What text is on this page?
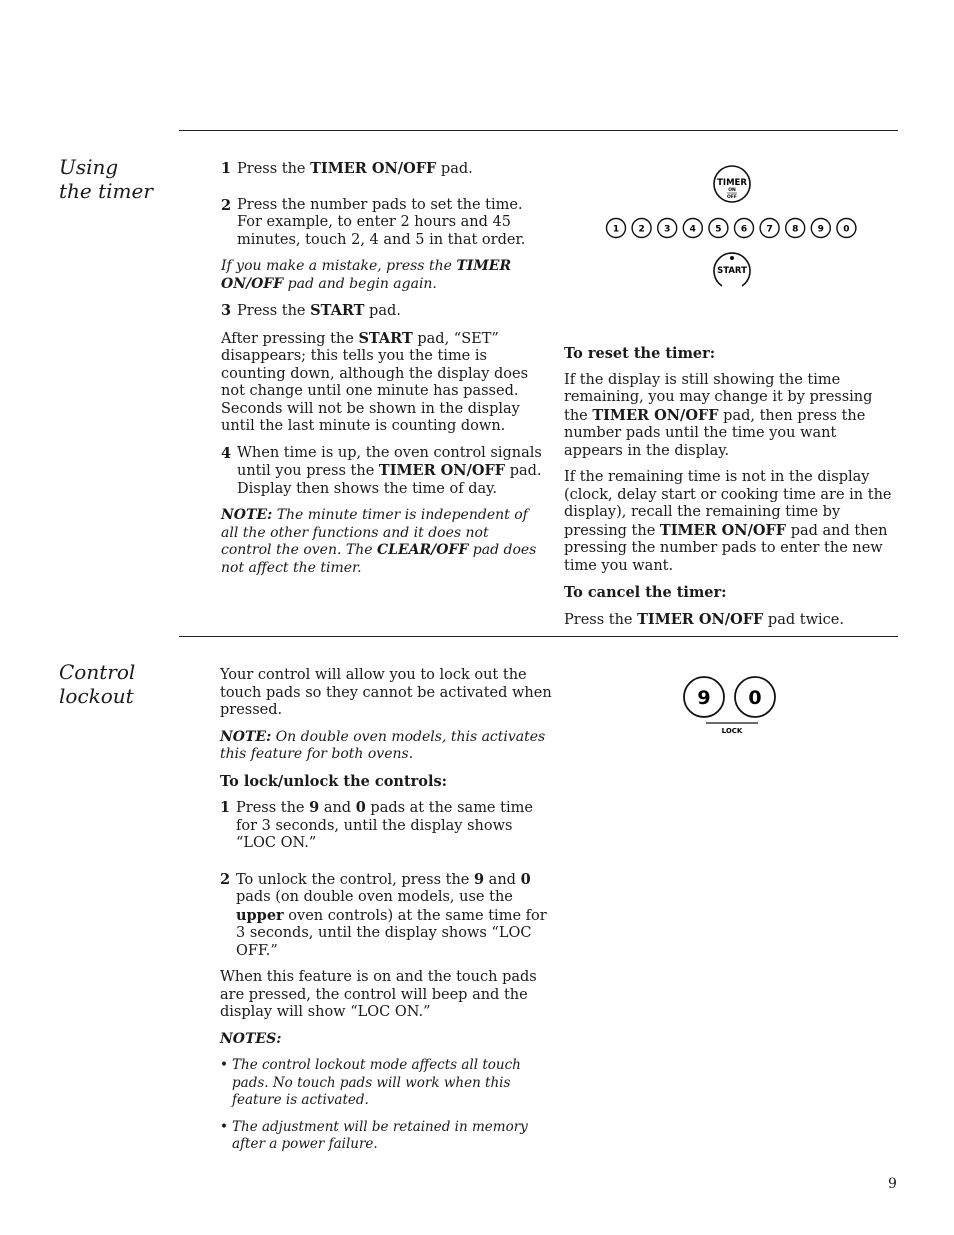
Using
the timer
1 Press the TIMER ON/OFF pad.
2 Press the number pads to set the time. For example, to enter 2 hours and 45 minutes, touch 2, 4 and 5 in that order.

If you make a mistake, press the TIMER ON/OFF pad and begin again.

3 Press the START pad.

After pressing the START pad, “SET” disappears; this tells you the time is counting down, although the display does not change until one minute has passed. Seconds will not be shown in the display until the last minute is counting down.

4 When time is up, the oven control signals until you press the TIMER ON/OFF pad. Display then shows the time of day.

NOTE: The minute timer is independent of all the other functions and it does not control the oven. The CLEAR/OFF pad does not affect the timer.

TIMER
ON
OFF
1 2 3 4 5 6 7 8 9 0
START

To reset the timer:

If the display is still showing the time remaining, you may change it by pressing the TIMER ON/OFF pad, then press the number pads until the time you want appears in the display.

If the remaining time is not in the display (clock, delay start or cooking time are in the display), recall the remaining time by pressing the TIMER ON/OFF pad and then pressing the number pads to enter the new time you want.

To cancel the timer:

Press the TIMER ON/OFF pad twice.

Control
lockout

Your control will allow you to lock out the touch pads so they cannot be activated when pressed.

NOTE: On double oven models, this activates this feature for both ovens.

To lock/unlock the controls:

1 Press the 9 and 0 pads at the same time for 3 seconds, until the display shows “LOC ON.”
2 To unlock the control, press the 9 and 0 pads (on double oven models, use the upper oven controls) at the same time for 3 seconds, until the display shows “LOC OFF.”

When this feature is on and the touch pads are pressed, the control will beep and the display will show “LOC ON.”

NOTES:

• The control lockout mode affects all touch pads. No touch pads will work when this feature is activated.
• The adjustment will be retained in memory after a power failure.
9 0
LOCK
9
